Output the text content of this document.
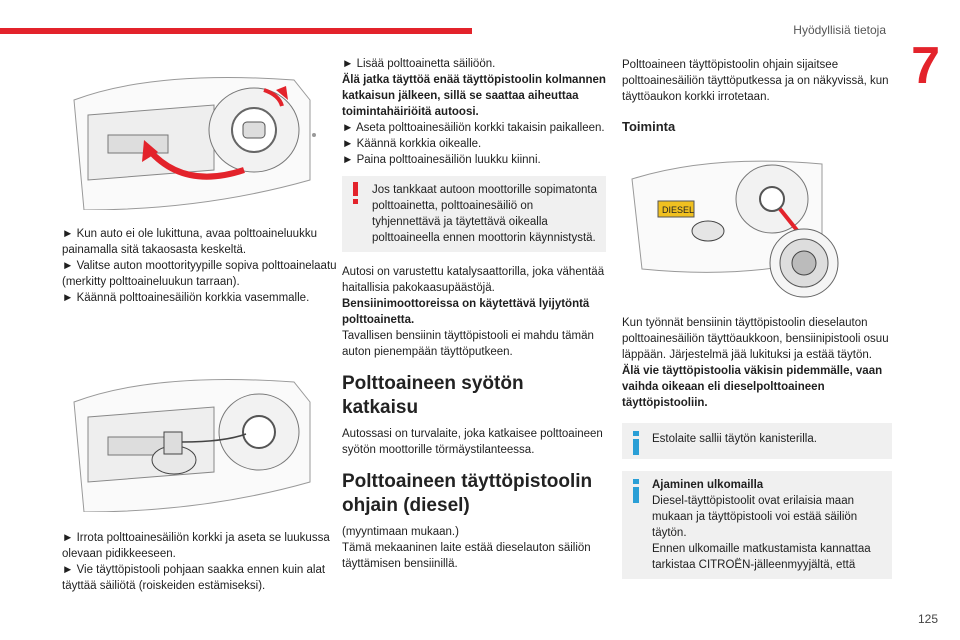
Hyödyllisiä tietoja
7
125

► Kun auto ei ole lukittuna, avaa polttoaineluukku painamalla sitä takaosasta keskeltä.

► Valitse auton moottorityypille sopiva polttoainelaatu (merkitty polttoaineluukun tarraan).

► Käännä polttoainesäiliön korkkia vasemmalle.

► Irrota polttoainesäiliön korkki ja aseta se luukussa olevaan pidikkeeseen.

► Vie täyttöpistooli pohjaan saakka ennen kuin alat täyttää säiliötä (roiskeiden estämiseksi).

► Lisää polttoainetta säiliöön.

Älä jatka täyttöä enää täyttöpistoolin kolmannen katkaisun jälkeen, sillä se saattaa aiheuttaa toimintahäiriöitä autoosi.

► Aseta polttoainesäiliön korkki takaisin paikalleen.

► Käännä korkkia oikealle.

► Paina polttoainesäiliön luukku kiinni.

Jos tankkaat autoon moottorille sopimatonta polttoainetta, polttoainesäiliö on tyhjennettävä ja täytettävä oikealla polttoaineella ennen moottorin käynnistystä.

Autosi on varustettu katalysaattorilla, joka vähentää haitallisia pakokaasupäästöjä.

Bensiinimoottoreissa on käytettävä lyijytöntä polttoainetta.

Tavallisen bensiinin täyttöpistooli ei mahdu tämän auton pienempään täyttöputkeen.

Polttoaineen syötön katkaisu

Autossasi on turvalaite, joka katkaisee polttoaineen syötön moottorille törmäystilanteessa.

Polttoaineen täyttöpistoolin ohjain (diesel)

(myyntimaan mukaan.)

Tämä mekaaninen laite estää dieselauton säiliön täyttämisen bensiinillä.

Polttoaineen täyttöpistoolin ohjain sijaitsee polttoainesäiliön täyttöputkessa ja on näkyvissä, kun täyttöaukon korkki irrotetaan.

Toiminta
DIESEL

Kun työnnät bensiinin täyttöpistoolin dieselauton polttoainesäiliön täyttöaukkoon, bensiinipistooli osuu läppään. Järjestelmä jää lukituksi ja estää täytön.

Älä vie täyttöpistoolia väkisin pidemmälle, vaan vaihda oikeaan eli dieselpolttoaineen täyttöpistooliin.

Estolaite sallii täytön kanisterilla.
Ajaminen ulkomailla
Diesel-täyttöpistoolit ovat erilaisia maan mukaan ja täyttöpistooli voi estää säiliön täytön.
Ennen ulkomaille matkustamista kannattaa tarkistaa CITROËN-jälleenmyyjältä, että
